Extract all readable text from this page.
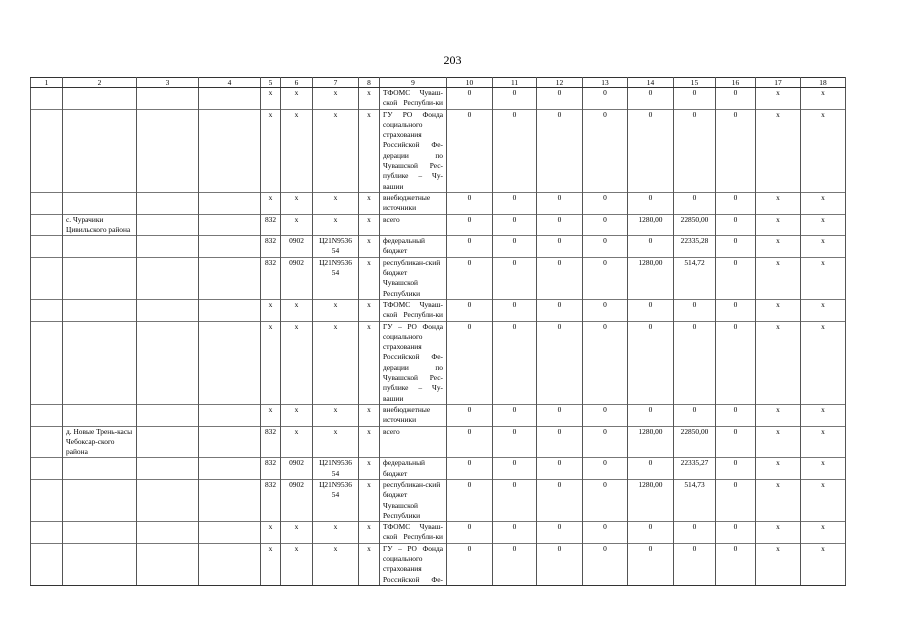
203
1	2	3	4	5	6	7	8	9	10	11	12	13	14	15	16	17	18
				х	х	х	х	ТФОМС Чуваш-ской Республи-ки	0	0	0	0	0	0	0	х	х
				х	х	х	х	ГУ РО Фонда социального страхования Российской Фе-дерации по Чувашской Рес-публике – Чу-вашии	0	0	0	0	0	0	0	х	х
				х	х	х	х	внебюджетные источники	0	0	0	0	0	0	0	х	х
	с. Чурачики Цивильского района			832	х	х	х	всего	0	0	0	0	1280,00	22850,00	0	х	х
				832	0902	Ц21N9536 54	х	федеральный бюджет	0	0	0	0	0	22335,28	0	х	х
				832	0902	Ц21N9536 54	х	республикан-ский бюджет Чувашской Республики	0	0	0	0	1280,00	514,72	0	х	х
				х	х	х	х	ТФОМС Чуваш-ской Республи-ки	0	0	0	0	0	0	0	х	х
				х	х	х	х	ГУ – РО Фонда социального страхования Российской Фе-дерации по Чувашской Рес-публике – Чу-вашии	0	0	0	0	0	0	0	х	х
				х	х	х	х	внебюджетные источники	0	0	0	0	0	0	0	х	х
	д. Новые Трень-касы Чебоксар-ского района			832	х	х	х	всего	0	0	0	0	1280,00	22850,00	0	х	х
				832	0902	Ц21N9536 54	х	федеральный бюджет	0	0	0	0	0	22335,27	0	х	х
				832	0902	Ц21N9536 54	х	республикан-ский бюджет Чувашской Республики	0	0	0	0	1280,00	514,73	0	х	х
				х	х	х	х	ТФОМС Чуваш-ской Республи-ки	0	0	0	0	0	0	0	х	х
				х	х	х	х	ГУ – РО Фонда социального страхования Российской Фе-	0	0	0	0	0	0	0	х	х
